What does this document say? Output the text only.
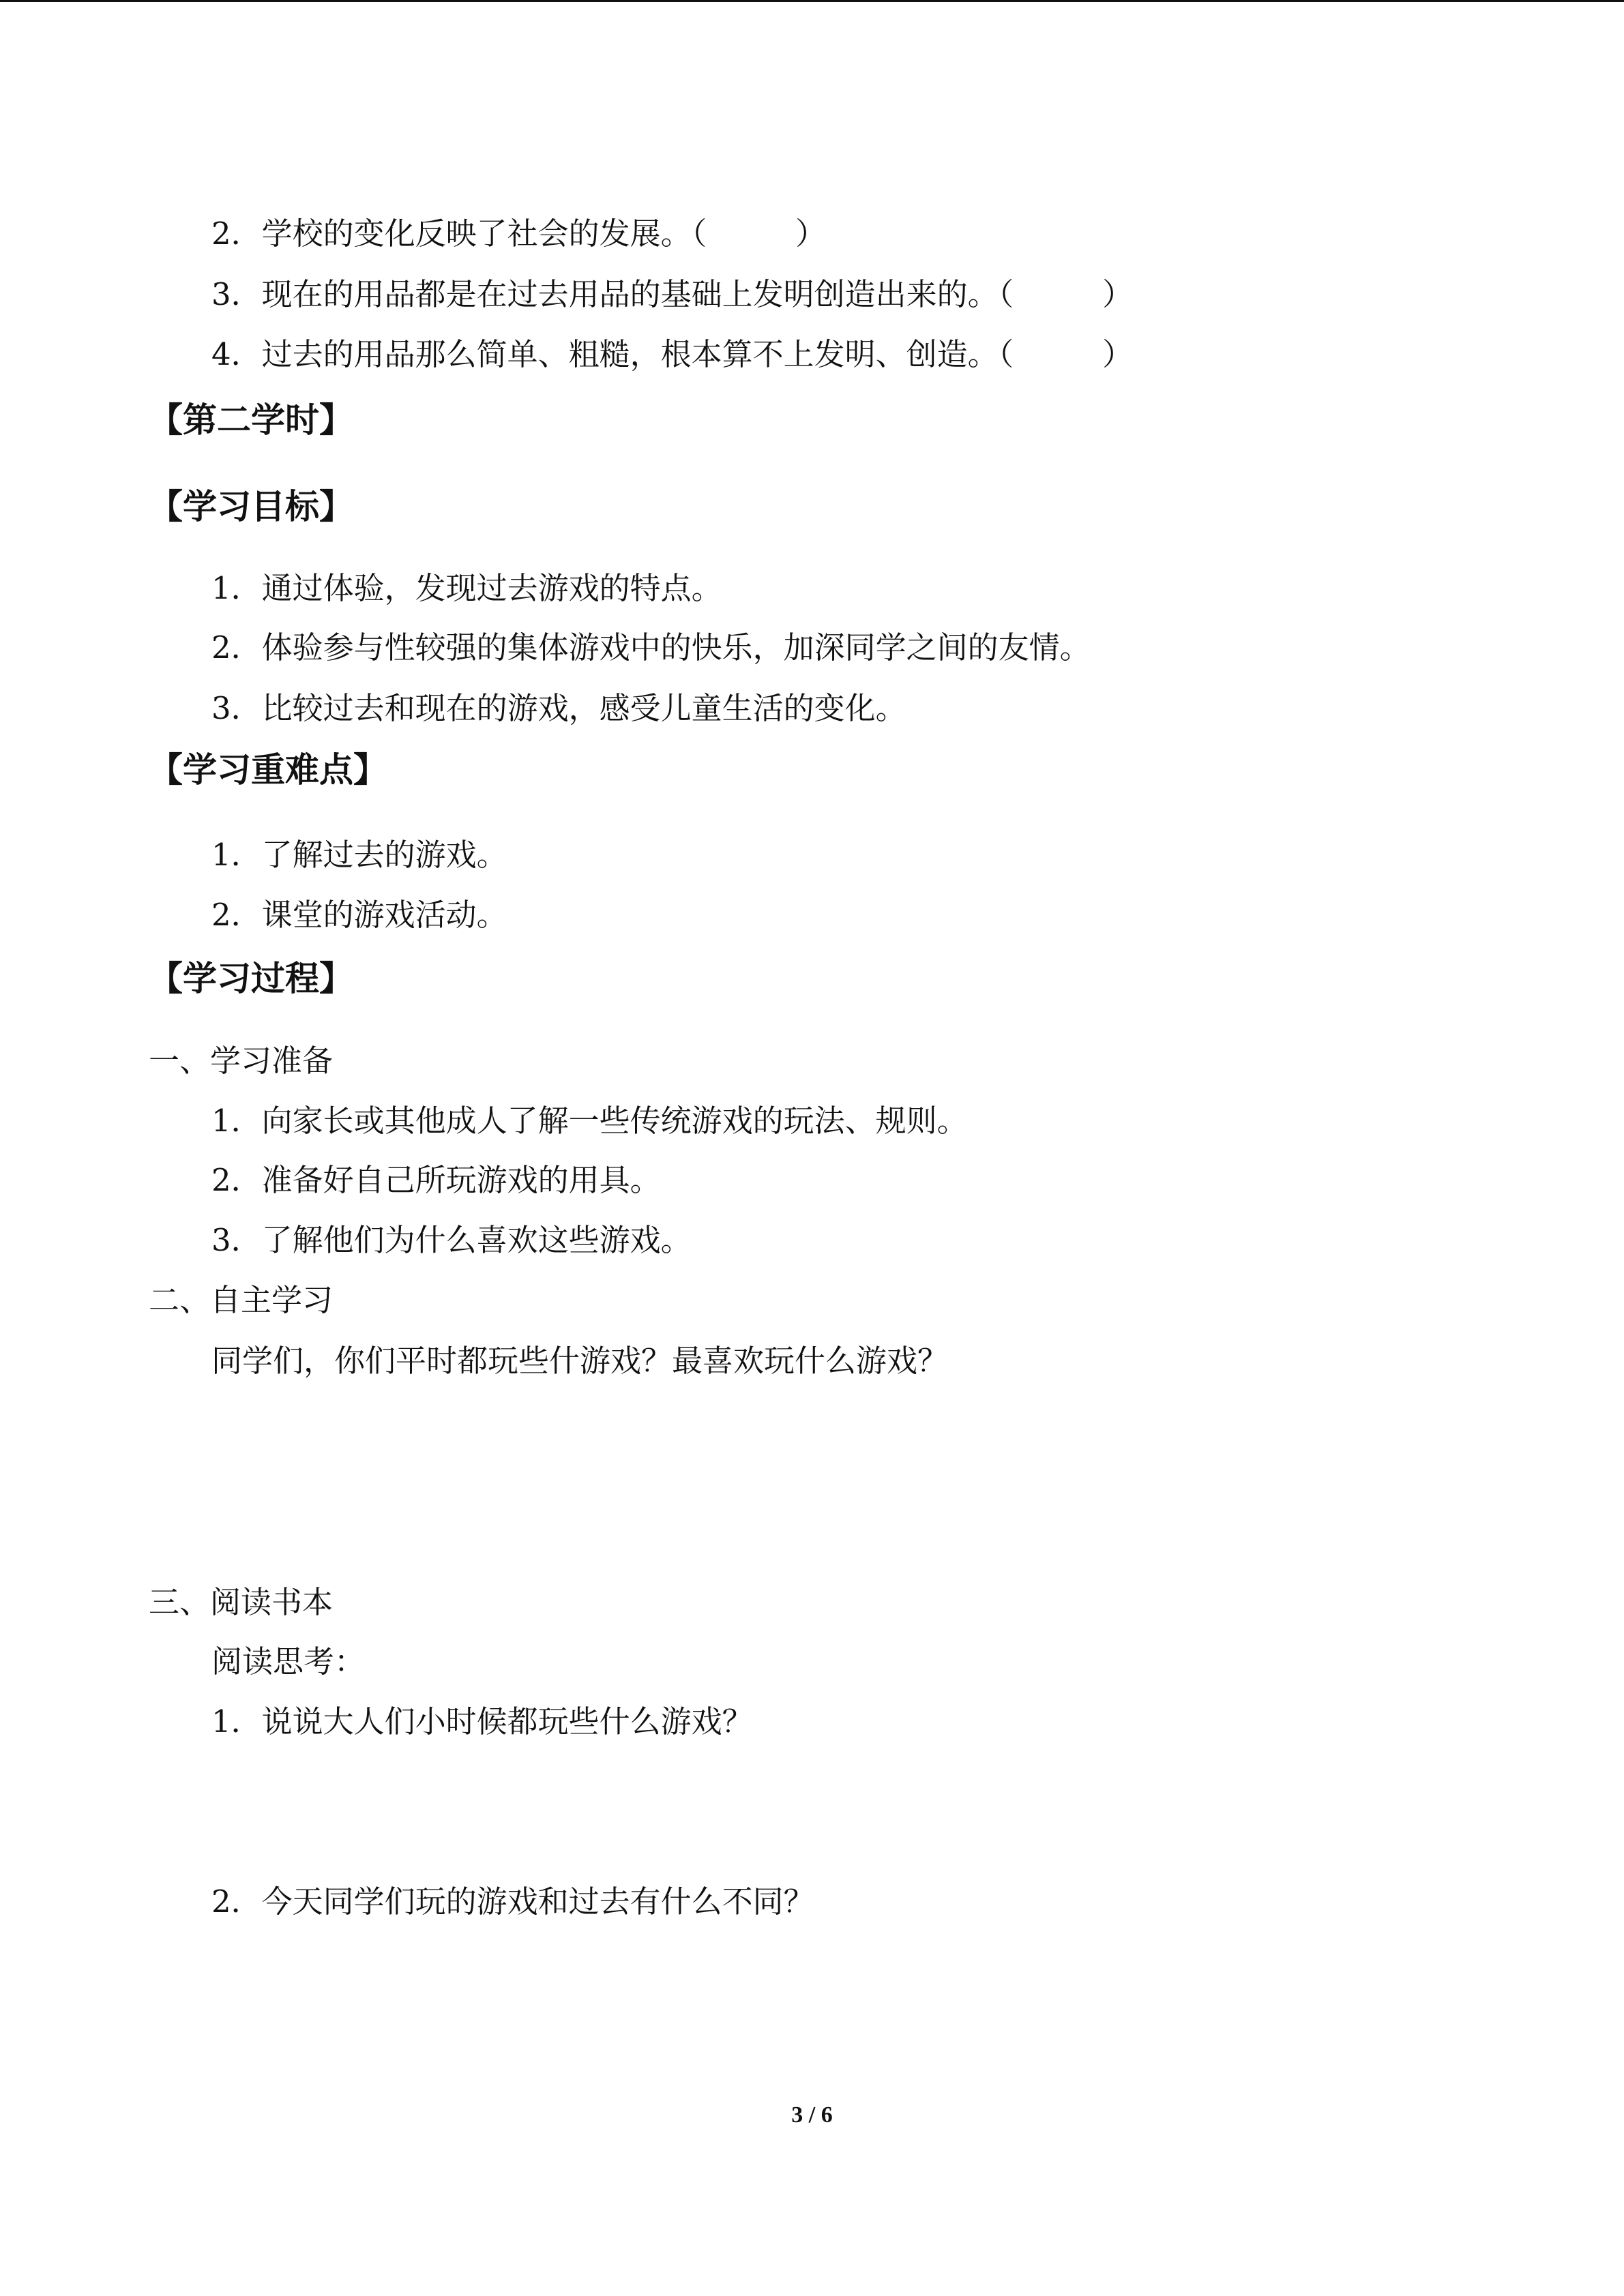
2．学校的变化反映了社会的发展。（	）
3．现在的用品都是在过去用品的基础上发明创造出来的。（	）
4．过去的用品那么简单、粗糙，根本算不上发明、创造。（	）
【第二学时】
【学习目标】
1．通过体验，发现过去游戏的特点。
2．体验参与性较强的集体游戏中的快乐，加深同学之间的友情。
3．比较过去和现在的游戏，感受儿童生活的变化。
【学习重难点】
1．了解过去的游戏。
2．课堂的游戏活动。
【学习过程】
一、学习准备
1．向家长或其他成人了解一些传统游戏的玩法、规则。
2．准备好自己所玩游戏的用具。
3．了解他们为什么喜欢这些游戏。
二、自主学习
同学们，你们平时都玩些什游戏？最喜欢玩什么游戏？
三、阅读书本
阅读思考：
1．说说大人们小时候都玩些什么游戏？
2．今天同学们玩的游戏和过去有什么不同？
3 / 6
